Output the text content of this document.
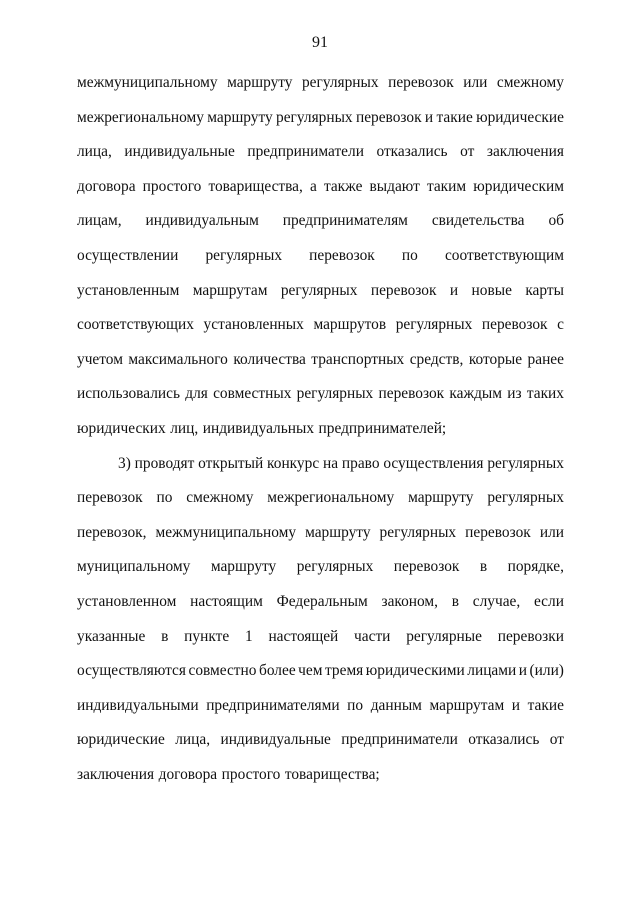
91
межмуниципальному маршруту регулярных перевозок или смежному
межрегиональному маршруту регулярных перевозок и такие юридические
лица, индивидуальные предприниматели отказались от заключения
договора простого товарищества, а также выдают таким юридическим
лицам, индивидуальным предпринимателям свидетельства об
осуществлении регулярных перевозок по соответствующим
установленным маршрутам регулярных перевозок и новые карты
соответствующих установленных маршрутов регулярных перевозок с
учетом максимального количества транспортных средств, которые ранее
использовались для совместных регулярных перевозок каждым из таких
юридических лиц, индивидуальных предпринимателей;
3) проводят открытый конкурс на право осуществления регулярных
перевозок по смежному межрегиональному маршруту регулярных
перевозок, межмуниципальному маршруту регулярных перевозок или
муниципальному маршруту регулярных перевозок в порядке,
установленном настоящим Федеральным законом, в случае, если
указанные в пункте 1 настоящей части регулярные перевозки
осуществляются совместно более чем тремя юридическими лицами и (или)
индивидуальными предпринимателями по данным маршрутам и такие
юридические лица, индивидуальные предприниматели отказались от
заключения договора простого товарищества;
